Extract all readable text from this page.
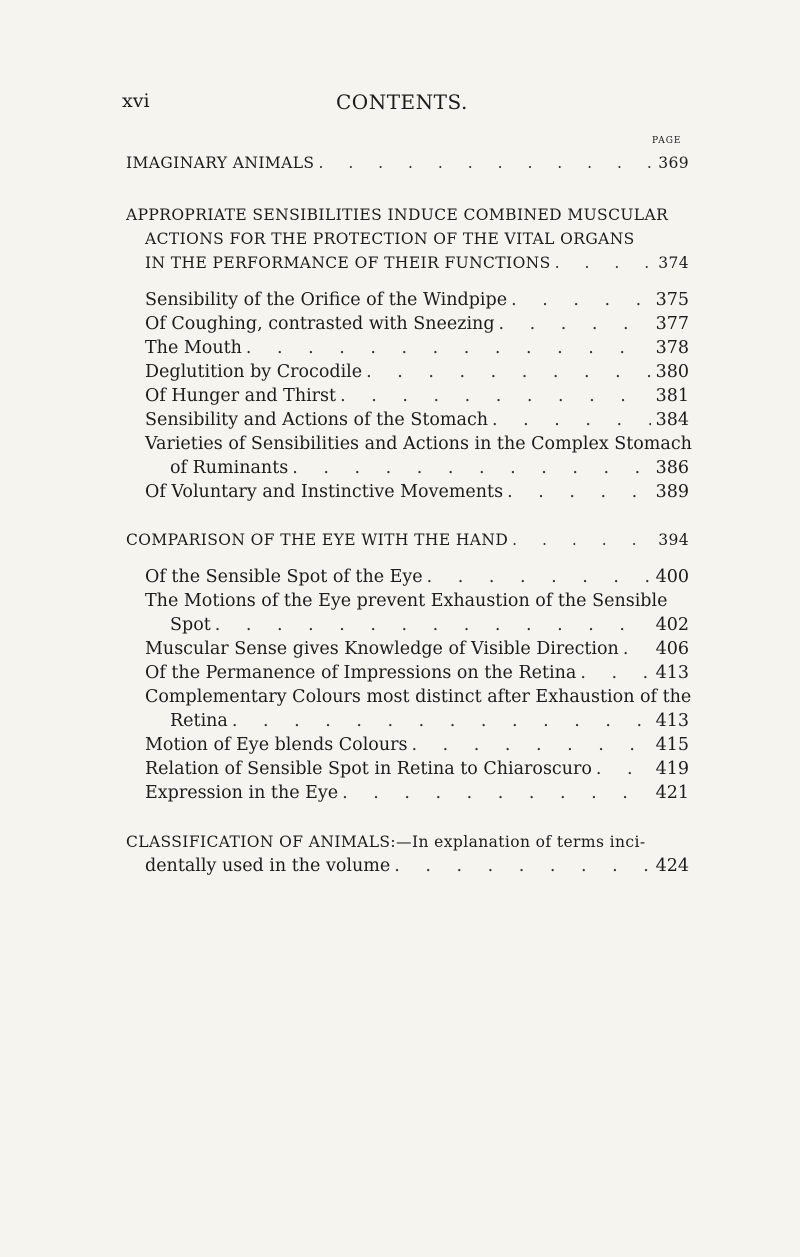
xvi	CONTENTS.
PAGE
IMAGINARY ANIMALS . . .	369
APPROPRIATE SENSIBILITIES INDUCE COMBINED MUSCULAR
ACTIONS FOR THE PROTECTION OF THE VITAL ORGANS
IN THE PERFORMANCE OF THEIR FUNCTIONS . . .	374
Sensibility of the Orifice of the Windpipe . . .	375
Of Coughing, contrasted with Sneezing . . .	377
The Mouth . . .	378
Deglutition by Crocodile . . .	380
Of Hunger and Thirst . . .	381
Sensibility and Actions of the Stomach . . .	384
Varieties of Sensibilities and Actions in the Complex Stomach
of Ruminants . . .	386
Of Voluntary and Instinctive Movements . . .	389
COMPARISON OF THE EYE WITH THE HAND . . .	394
Of the Sensible Spot of the Eye . . .	400
The Motions of the Eye prevent Exhaustion of the Sensible
Spot . . .	402
Muscular Sense gives Knowledge of Visible Direction . . . 406
Of the Permanence of Impressions on the Retina . . .	413
Complementary Colours most distinct after Exhaustion of the
Retina . . .	413
Motion of Eye blends Colours . . .	415
Relation of Sensible Spot in Retina to Chiaroscuro . . .	419
Expression in the Eye . . .	421
CLASSIFICATION OF ANIMALS:—In explanation of terms inci-
dentally used in the volume . . .	424
